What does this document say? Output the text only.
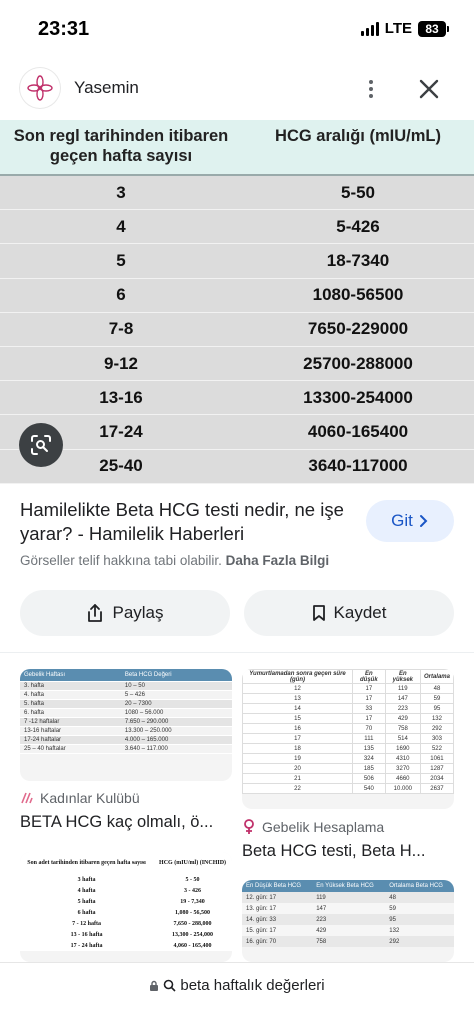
23:31	LTE	83
Yasemin
Son regl tarihinden itibaren geçen hafta sayısı
HCG aralığı (mIU/mL)
3	5-50
4	5-426
5	18-7340
6	1080-56500
7-8	7650-229000
9-12	25700-288000
13-16	13300-254000
17-24	4060-165400
25-40	3640-117000
Hamilelikte Beta HCG testi nedir, ne işe yarar? - Hamilelik Haberleri
Git
Görseller telif hakkına tabi olabilir. Daha Fazla Bilgi
Paylaş	Kaydet
Gebelik Haftası	Beta HCG Değeri
3. hafta	10 – 50
4. hafta	5 – 426
5. hafta	20 – 7300
6. hafta	1080 – 56.000
7 -12 haftalar	7.650 – 290.000
13-16 haftalar	13.300 – 250.000
17-24 haftalar	4.000 – 165.000
25 – 40 haftalar	3.640 – 117.000
Kadınlar Kulübü
BETA HCG kaç olmalı, ö...
Yumurtlamadan sonra geçen süre (gün)	En düşük	En yüksek	Ortalama
12	17	119	48
13	17	147	59
14	33	223	95
15	17	429	132
16	70	758	292
17	111	514	303
18	135	1690	522
19	324	4310	1061
20	185	3270	1287
21	506	4660	2034
22	540	10.000	2637
Gebelik Hesaplama
Beta HCG testi, Beta H...
Son adet tarihinden itibaren geçen hafta sayısı	HCG (mIU/ml) (INCHID)
3 hafta	5 - 50
4 hafta	3 - 426
5 hafta	19 - 7,340
6 hafta	1,080 - 56,500
7 - 12 hafta	7,650 - 288,000
13 - 16 hafta	13,300 - 254,000
17 - 24 hafta	4,060 - 165,400
En Düşük Beta HCG	En Yüksek Beta HCG	Ortalama Beta HCG
12. gün: 17	119	48
13. gün: 17	147	59
14. gün: 33	223	95
15. gün: 17	429	132
16. gün: 70	758	292
beta haftalık değerleri
